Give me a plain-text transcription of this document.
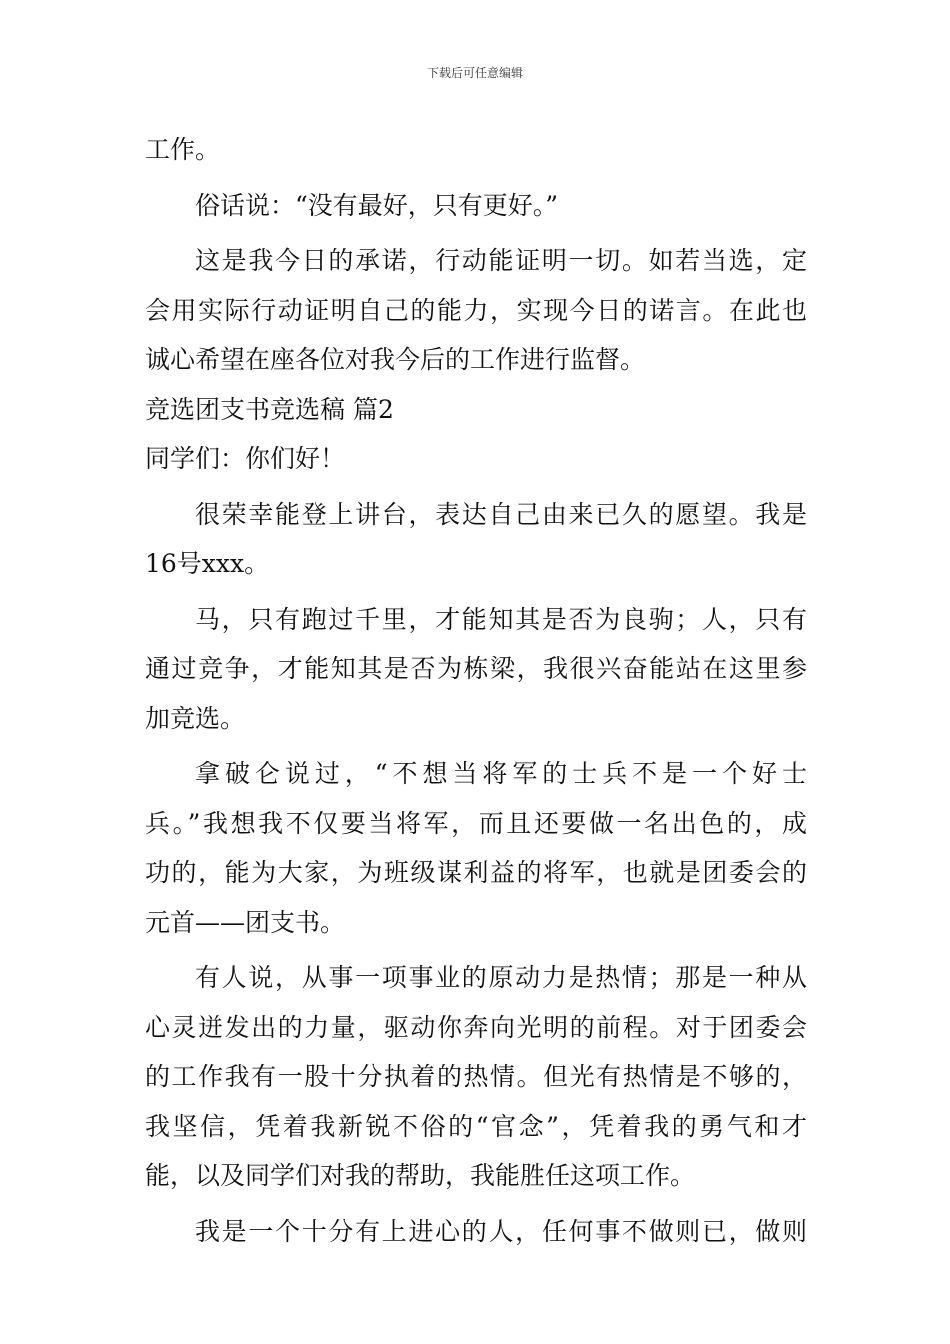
下载后可任意编辑

工作。

俗话说：“没有最好，只有更好。”

这是我今日的承诺，行动能证明一切。如若当选，定
会用实际行动证明自己的能力，实现今日的诺言。在此也
诚心希望在座各位对我今后的工作进行监督。

竞选团支书竞选稿 篇2

同学们：你们好！

很荣幸能登上讲台，表达自己由来已久的愿望。我是
16号xxx。

马，只有跑过千里，才能知其是否为良驹；人，只有
通过竞争，才能知其是否为栋梁，我很兴奋能站在这里参
加竞选。

拿破仑说过，“不想当将军的士兵不是一个好士
兵。”我想我不仅要当将军，而且还要做一名出色的，成
功的，能为大家，为班级谋利益的将军，也就是团委会的
元首——团支书。

有人说，从事一项事业的原动力是热情；那是一种从
心灵迸发出的力量，驱动你奔向光明的前程。对于团委会
的工作我有一股十分执着的热情。但光有热情是不够的，
我坚信，凭着我新锐不俗的“官念”，凭着我的勇气和才
能，以及同学们对我的帮助，我能胜任这项工作。

我是一个十分有上进心的人，任何事不做则已，做则
